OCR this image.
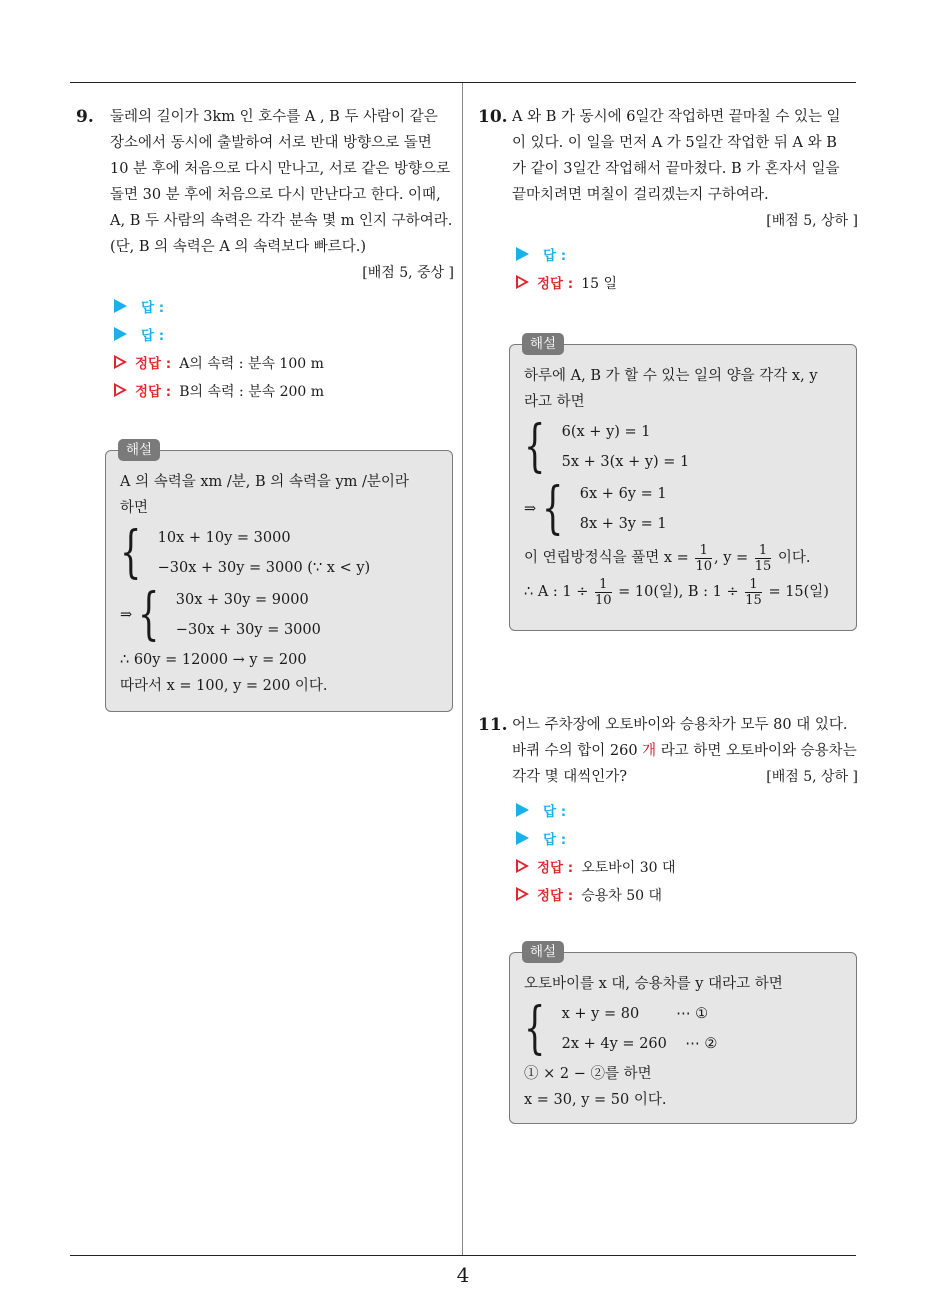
4
9. 둘레의 길이가 3km 인 호수를 A , B 두 사람이 같은
장소에서 동시에 출발하여 서로 반대 방향으로 돌면
10 분 후에 처음으로 다시 만나고, 서로 같은 방향으로
돌면 30 분 후에 처음으로 다시 만난다고 한다. 이때,
A, B 두 사람의 속력은 각각 분속 몇 m 인지 구하여라.
(단, B 의 속력은 A 의 속력보다 빠르다.)
[배점 5, 중상 ]
답 :
답 :
정답 : A의 속력 : 분속 100 m
정답 : B의 속력 : 분속 200 m
해설
A 의 속력을 xm /분, B 의 속력을 ym /분이라
하면
{ 10x + 10y = 3000
−30x + 30y = 3000 (∵ x < y)
⇒ { 30x + 30y = 9000
−30x + 30y = 3000
∴ 60y = 12000 → y = 200
따라서 x = 100, y = 200 이다.
10. A 와 B 가 동시에 6일간 작업하면 끝마칠 수 있는 일
이 있다. 이 일을 먼저 A 가 5일간 작업한 뒤 A 와 B
가 같이 3일간 작업해서 끝마쳤다. B 가 혼자서 일을
끝마치려면 며칠이 걸리겠는지 구하여라.
[배점 5, 상하 ]
답 :
정답 : 15 일
해설
하루에 A, B 가 할 수 있는 일의 양을 각각 x, y
라고 하면
{ 6(x + y) = 1
5x + 3(x + y) = 1
⇒ { 6x + 6y = 1
8x + 3y = 1
이 연립방정식을 풀면 $x = \frac{1}{10}$ , $y = \frac{1}{15}$ 이다.
∴ A : $1 \div \frac{1}{10} = 10$(일), B : $1 \div \frac{1}{15} = 15$(일)
11. 어느 주차장에 오토바이와 승용차가 모두 80 대 있다.
바퀴 수의 합이 260 개 라고 하면 오토바이와 승용차는
각각 몇 대씩인가?	[배점 5, 상하 ]
답 :
답 :
정답 : 오토바이 30 대
정답 : 승용차 50 대
해설
오토바이를 x 대, 승용차를 y 대라고 하면
{ x + y = 80        ⋯ ①
2x + 4y = 260    ⋯ ②
① × 2 − ②를 하면
x = 30, y = 50 이다.
